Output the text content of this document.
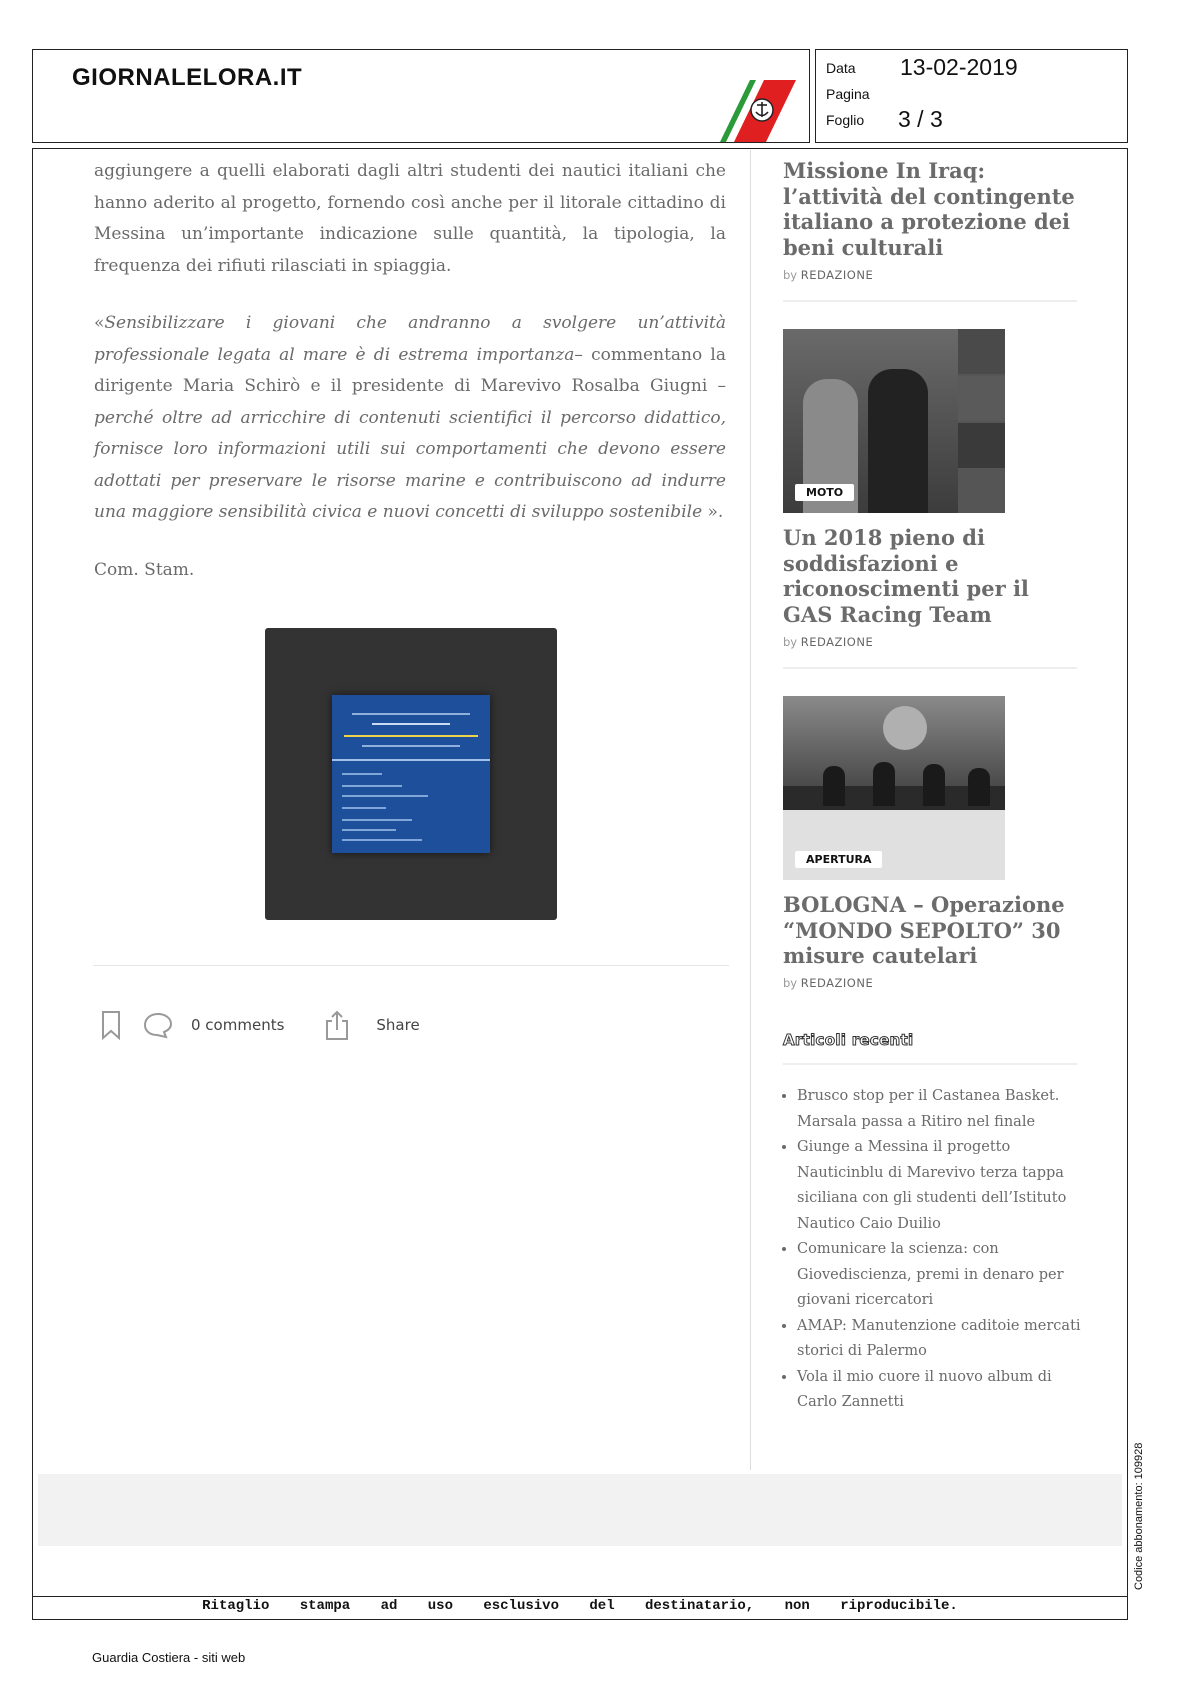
GIORNALELORA.IT	Data 13-02-2019
Pagina
Foglio 3 / 3

aggiungere a quelli elaborati dagli altri studenti dei nautici italiani che hanno aderito al progetto, fornendo così anche per il litorale cittadino di Messina un’importante indicazione sulle quantità, la tipologia, la frequenza dei rifiuti rilasciati in spiaggia.

«Sensibilizzare i giovani che andranno a svolgere un’attività professionale legata al mare è di estrema importanza– commentano la dirigente Maria Schirò e il presidente di Marevivo Rosalba Giugni – perché oltre ad arricchire di contenuti scientifici il percorso didattico, fornisce loro informazioni utili sui comportamenti che devono essere adottati per preservare le risorse marine e contribuiscono ad indurre una maggiore sensibilità civica e nuovi concetti di sviluppo sostenibile ».

Com. Stam.

0 comments	Share
Missione In Iraq: l’attività del contingente italiano a protezione dei beni culturali
by REDAZIONE
MOTO
Un 2018 pieno di soddisfazioni e riconoscimenti per il GAS Racing Team
by REDAZIONE
APERTURA
BOLOGNA – Operazione “MONDO SEPOLTO” 30 misure cautelari
by REDAZIONE
Articoli recenti
• Brusco stop per il Castanea Basket. Marsala passa a Ritiro nel finale
• Giunge a Messina il progetto Nauticinblu di Marevivo terza tappa siciliana con gli studenti dell’Istituto Nautico Caio Duilio
• Comunicare la scienza: con Giovediscienza, premi in denaro per giovani ricercatori
• AMAP: Manutenzione caditoie mercati storici di Palermo
• Vola il mio cuore il nuovo album di Carlo Zannetti
Ritaglio stampa ad uso esclusivo del destinatario, non riproducibile.
Codice abbonamento: 109928
Guardia Costiera - siti web
